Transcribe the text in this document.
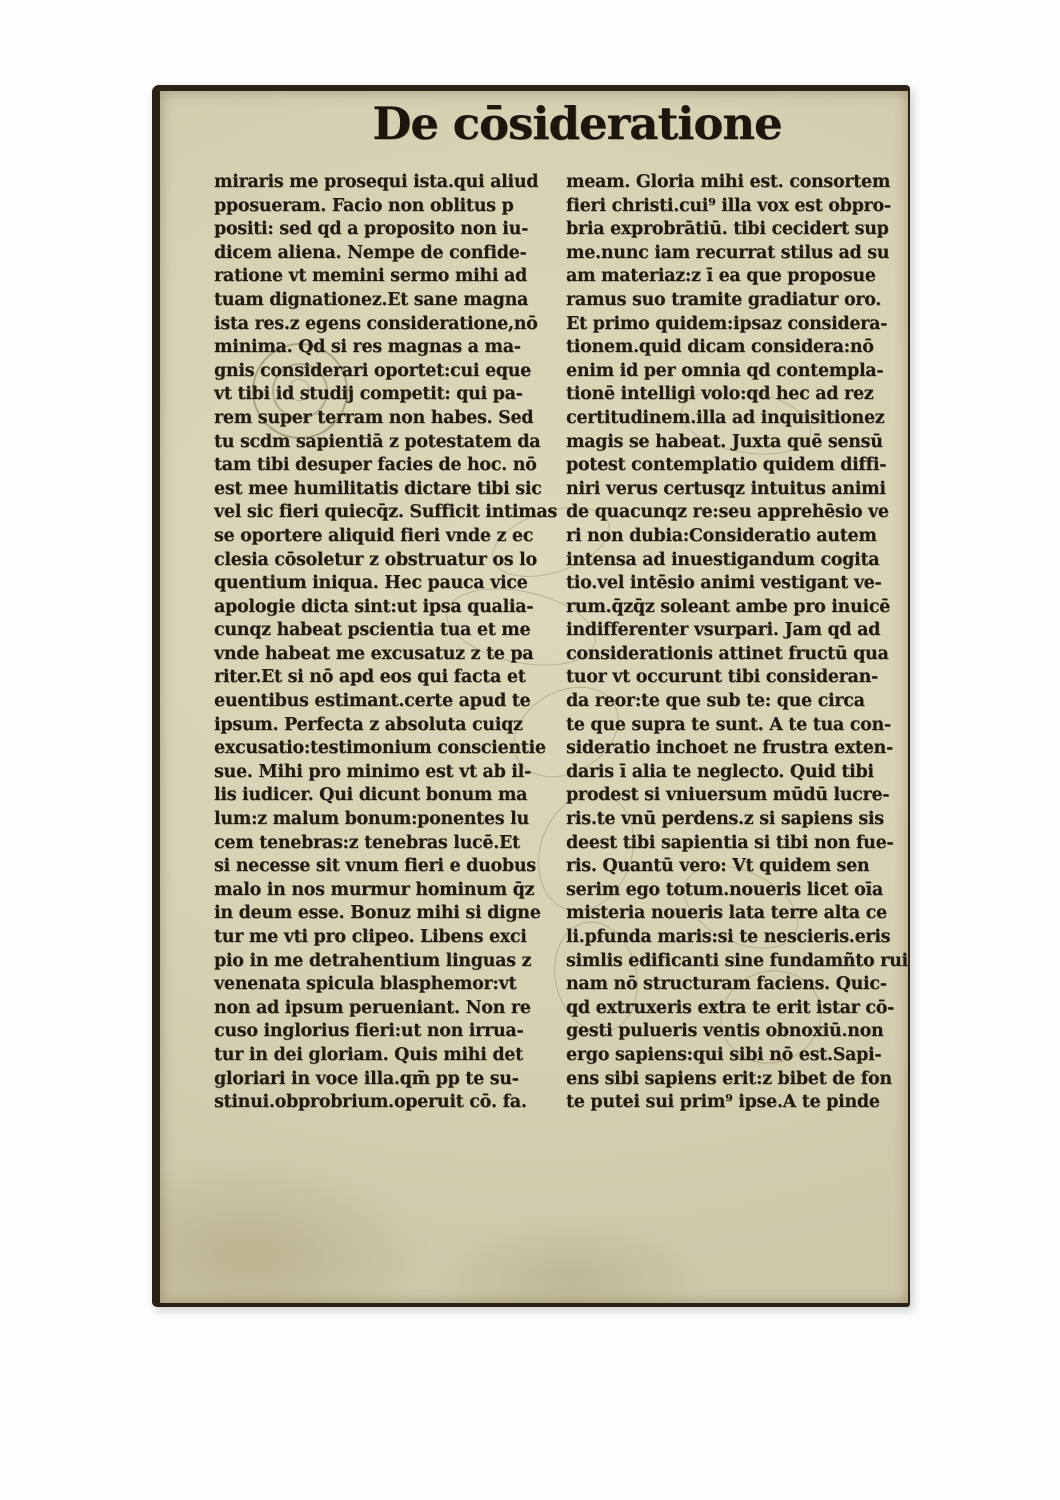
De cōsideratione
miraris me prosequi ista.qui aliud
pposueram. Facio non oblitus p
positi: sed qd a proposito non iu-
dicem aliena. Nempe de confide-
ratione vt memini sermo mihi ad
tuam dignationez.Et sane magna
ista res.z egens consideratione,nō
minima. Qd si res magnas a ma-
gnis considerari oportet:cui eque
vt tibi id studij competit: qui pa-
rem super terram non habes. Sed
tu scdm sapientiā z potestatem da
tam tibi desuper facies de hoc. nō
est mee humilitatis dictare tibi sic
vel sic fieri quiecq̄z. Sufficit intimas
se oportere aliquid fieri vnde z ec
clesia cōsoletur z obstruatur os lo
quentium iniqua. Hec pauca vice
apologie dicta sint:ut ipsa qualia-
cunqz habeat pscientia tua et me
vnde habeat me excusatuz z te pa
riter.Et si nō apd eos qui facta et
euentibus estimant.certe apud te
ipsum. Perfecta z absoluta cuiqz
excusatio:testimonium conscientie
sue. Mihi pro minimo est vt ab il-
lis iudicer. Qui dicunt bonum ma
lum:z malum bonum:ponentes lu
cem tenebras:z tenebras lucē.Et
si necesse sit vnum fieri e duobus
malo in nos murmur hominum q̄z
in deum esse. Bonuz mihi si digne
tur me vti pro clipeo. Libens exci
pio in me detrahentium linguas z
venenata spicula blasphemor:vt
non ad ipsum perueniant. Non re
cuso inglorius fieri:ut non irrua-
tur in dei gloriam. Quis mihi det
gloriari in voce illa.qm̄ pp te su-
stinui.obprobrium.operuit cō. fa.
meam. Gloria mihi est. consortem
fieri christi.cui⁹ illa vox est obpro-
bria exprobrātiū. tibi cecidert sup
me.nunc iam recurrat stilus ad su
am materiaz:z ī ea que proposue
ramus suo tramite gradiatur oro.
Et primo quidem:ipsaz considera-
tionem.quid dicam considera:nō
enim id per omnia qd contempla-
tionē intelligi volo:qd hec ad rez
certitudinem.illa ad inquisitionez
magis se habeat. Juxta quē sensū
potest contemplatio quidem diffi-
niri verus certusqz intuitus animi
de quacunqz re:seu apprehēsio ve
ri non dubia:Consideratio autem
intensa ad inuestigandum cogita
tio.vel intēsio animi vestigant ve-
rum.q̄zq̄z soleant ambe pro inuicē
indifferenter vsurpari. Jam qd ad
considerationis attinet fructū qua
tuor vt occurunt tibi consideran-
da reor:te que sub te: que circa
te que supra te sunt. A te tua con-
sideratio inchoet ne frustra exten-
daris ī alia te neglecto. Quid tibi
prodest si vniuersum mūdū lucre-
ris.te vnū perdens.z si sapiens sis
deest tibi sapientia si tibi non fue-
ris. Quantū vero: Vt quidem sen
serim ego totum.noueris licet oīa
misteria noueris lata terre alta ce
li.pfunda maris:si te nescieris.eris
simlis edificanti sine fundamñto rui
nam nō structuram faciens. Quic-
qd extruxeris extra te erit istar cō-
gesti pulueris ventis obnoxiū.non
ergo sapiens:qui sibi nō est.Sapi-
ens sibi sapiens erit:z bibet de fon
te putei sui prim⁹ ipse.A te pinde
